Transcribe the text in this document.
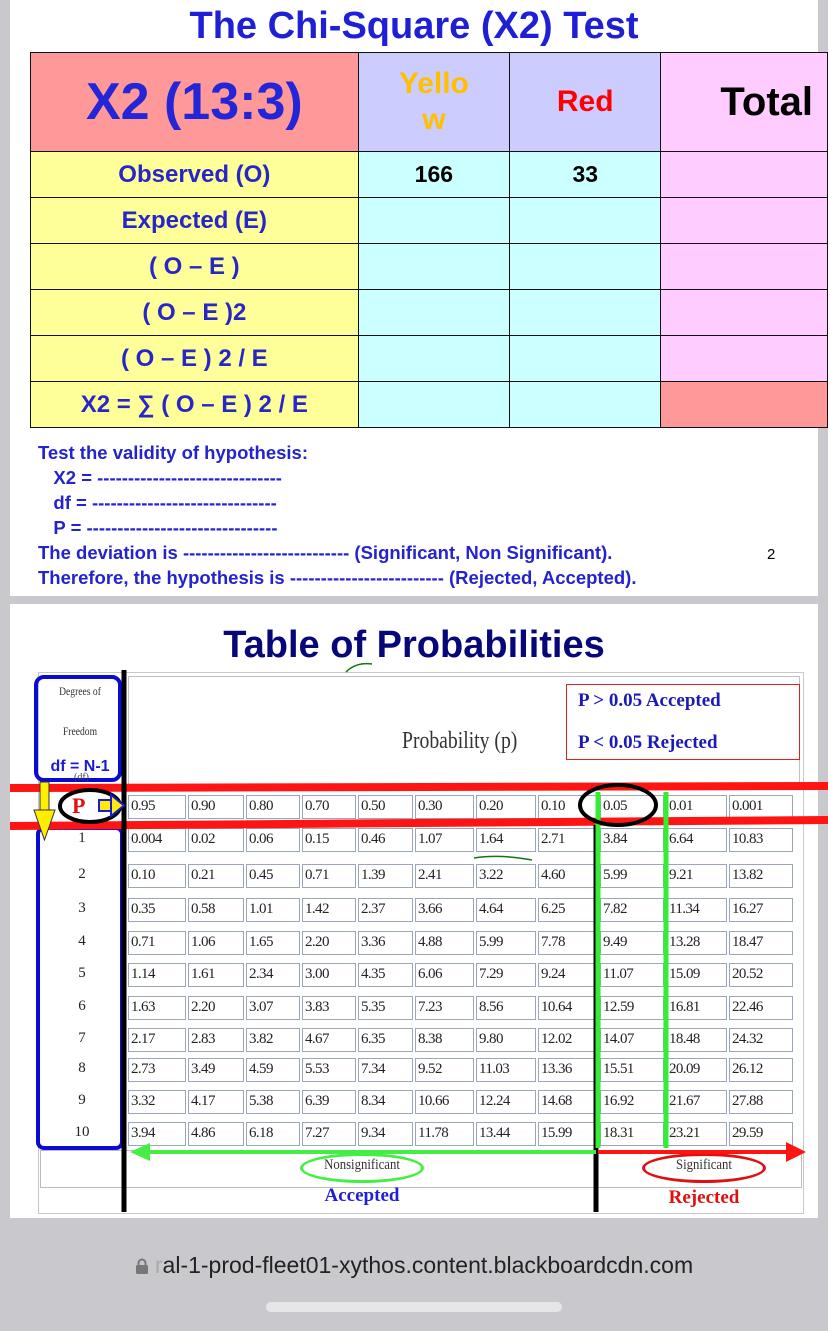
The Chi-Square (X2) Test
X2 (13:3)	Yello
w	Red	Total
Observed (O)	166	33	
Expected (E)			
( O – E )			
( O – E )2			
( O – E ) 2 / E			
X2 = ∑ ( O – E ) 2 / E			
Test the validity of hypothesis:
X2 = ------------------------------
df = ------------------------------
P = -------------------------------
The deviation is --------------------------- (Significant, Non Significant).
Therefore, the hypothesis is ------------------------- (Rejected, Accepted).
2
Table of Probabilities
Probability (p)
P > 0.05 Accepted
P < 0.05 Rejected
Degrees of
Freedom
df = N-1
(df)
0.95	0.90	0.80	0.70	0.50	0.30	0.20	0.10	0.05	0.01	0.001
1	0.004	0.02	0.06	0.15	0.46	1.07	1.64	2.71	3.84	6.64	10.83
2	0.10	0.21	0.45	0.71	1.39	2.41	3.22	4.60	5.99	9.21	13.82
3	0.35	0.58	1.01	1.42	2.37	3.66	4.64	6.25	7.82	11.34	16.27
4	0.71	1.06	1.65	2.20	3.36	4.88	5.99	7.78	9.49	13.28	18.47
5	1.14	1.61	2.34	3.00	4.35	6.06	7.29	9.24	11.07	15.09	20.52
6	1.63	2.20	3.07	3.83	5.35	7.23	8.56	10.64	12.59	16.81	22.46
7	2.17	2.83	3.82	4.67	6.35	8.38	9.80	12.02	14.07	18.48	24.32
8	2.73	3.49	4.59	5.53	7.34	9.52	11.03	13.36	15.51	20.09	26.12
9	3.32	4.17	5.38	6.39	8.34	10.66	12.24	14.68	16.92	21.67	27.88
10	3.94	4.86	6.18	7.27	9.34	11.78	13.44	15.99	18.31	23.21	29.59
Nonsignificant
Accepted
Significant
Rejected
P
ral-1-prod-fleet01-xythos.content.blackboardcdn.com
